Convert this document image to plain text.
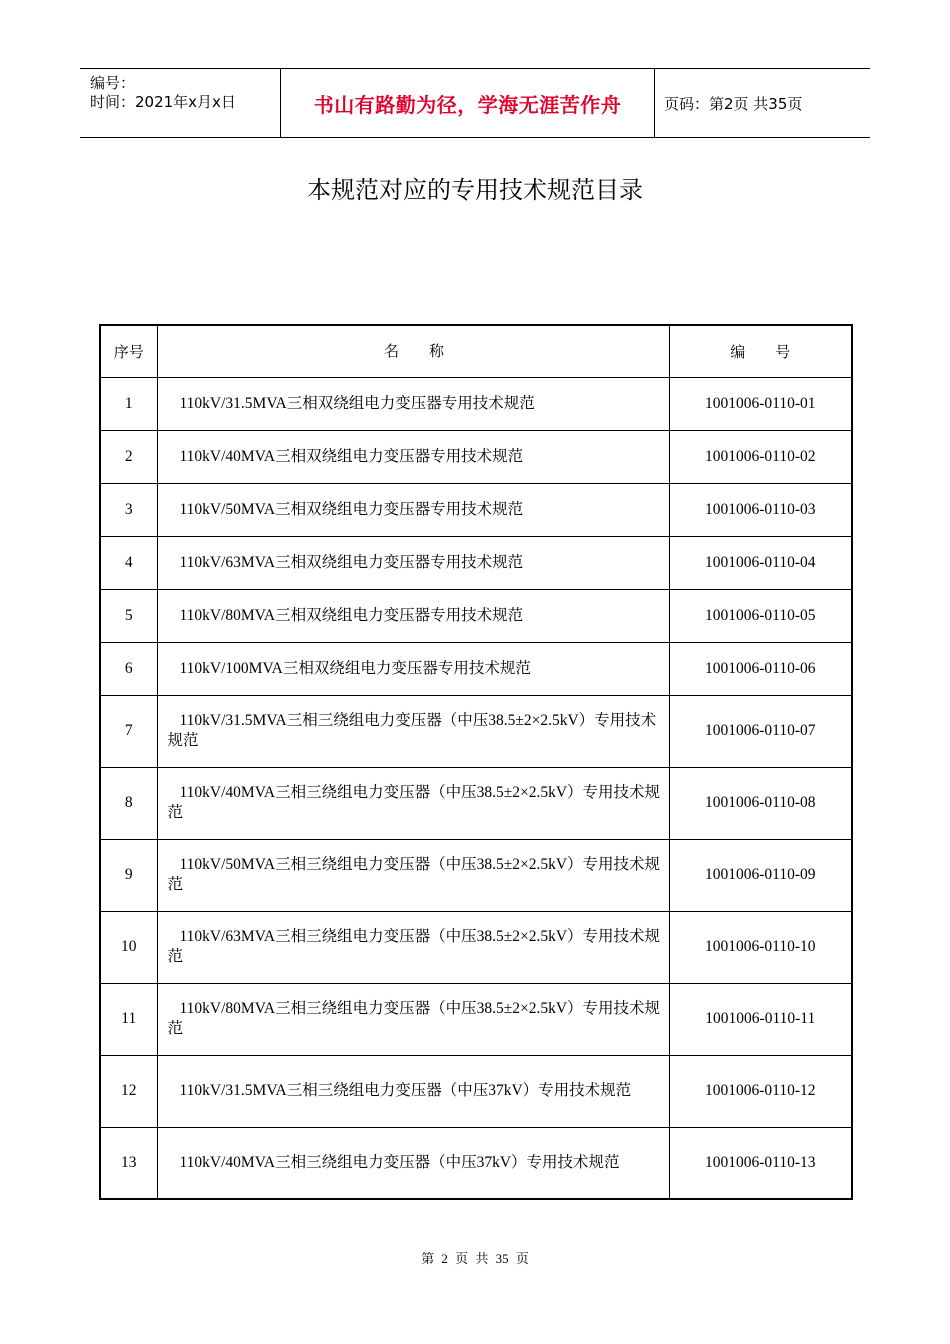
编号：
时间：2021年x月x日	书山有路勤为径，学海无涯苦作舟	页码：第2页 共35页
本规范对应的专用技术规范目录
序号	名　　称	编　　号
1	110kV/31.5MVA三相双绕组电力变压器专用技术规范	1001006-0110-01
2	110kV/40MVA三相双绕组电力变压器专用技术规范	1001006-0110-02
3	110kV/50MVA三相双绕组电力变压器专用技术规范	1001006-0110-03
4	110kV/63MVA三相双绕组电力变压器专用技术规范	1001006-0110-04
5	110kV/80MVA三相双绕组电力变压器专用技术规范	1001006-0110-05
6	110kV/100MVA三相双绕组电力变压器专用技术规范	1001006-0110-06
7	110kV/31.5MVA三相三绕组电力变压器（中压38.5±2×2.5kV）专用技术规范	1001006-0110-07
8	110kV/40MVA三相三绕组电力变压器（中压38.5±2×2.5kV）专用技术规范	1001006-0110-08
9	110kV/50MVA三相三绕组电力变压器（中压38.5±2×2.5kV）专用技术规范	1001006-0110-09
10	110kV/63MVA三相三绕组电力变压器（中压38.5±2×2.5kV）专用技术规范	1001006-0110-10
11	110kV/80MVA三相三绕组电力变压器（中压38.5±2×2.5kV）专用技术规范	1001006-0110-11
12	110kV/31.5MVA三相三绕组电力变压器（中压37kV）专用技术规范	1001006-0110-12
13	110kV/40MVA三相三绕组电力变压器（中压37kV）专用技术规范	1001006-0110-13
第 2 页 共 35 页
